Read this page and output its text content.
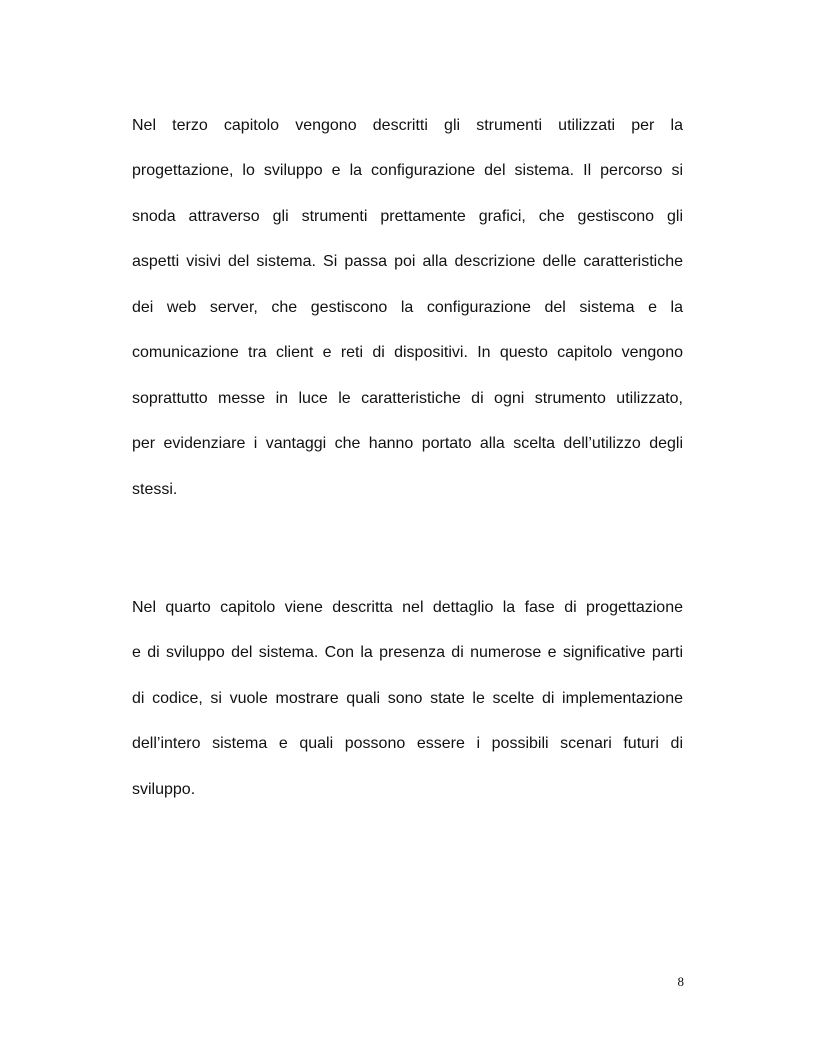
Nel terzo capitolo vengono descritti gli strumenti utilizzati per la
progettazione, lo sviluppo e la configurazione del sistema. Il percorso si
snoda attraverso gli strumenti prettamente grafici, che gestiscono gli
aspetti visivi del sistema. Si passa poi alla descrizione delle caratteristiche
dei web server, che gestiscono la configurazione del sistema e la
comunicazione tra client e reti di dispositivi. In questo capitolo vengono
soprattutto messe in luce le caratteristiche di ogni strumento utilizzato,
per evidenziare i vantaggi che hanno portato alla scelta dell’utilizzo degli
stessi.
Nel quarto capitolo viene descritta nel dettaglio la fase di progettazione
e di sviluppo del sistema. Con la presenza di numerose e significative parti
di codice, si vuole mostrare quali sono state le scelte di implementazione
dell’intero sistema e quali possono essere i possibili scenari futuri di
sviluppo.
8
